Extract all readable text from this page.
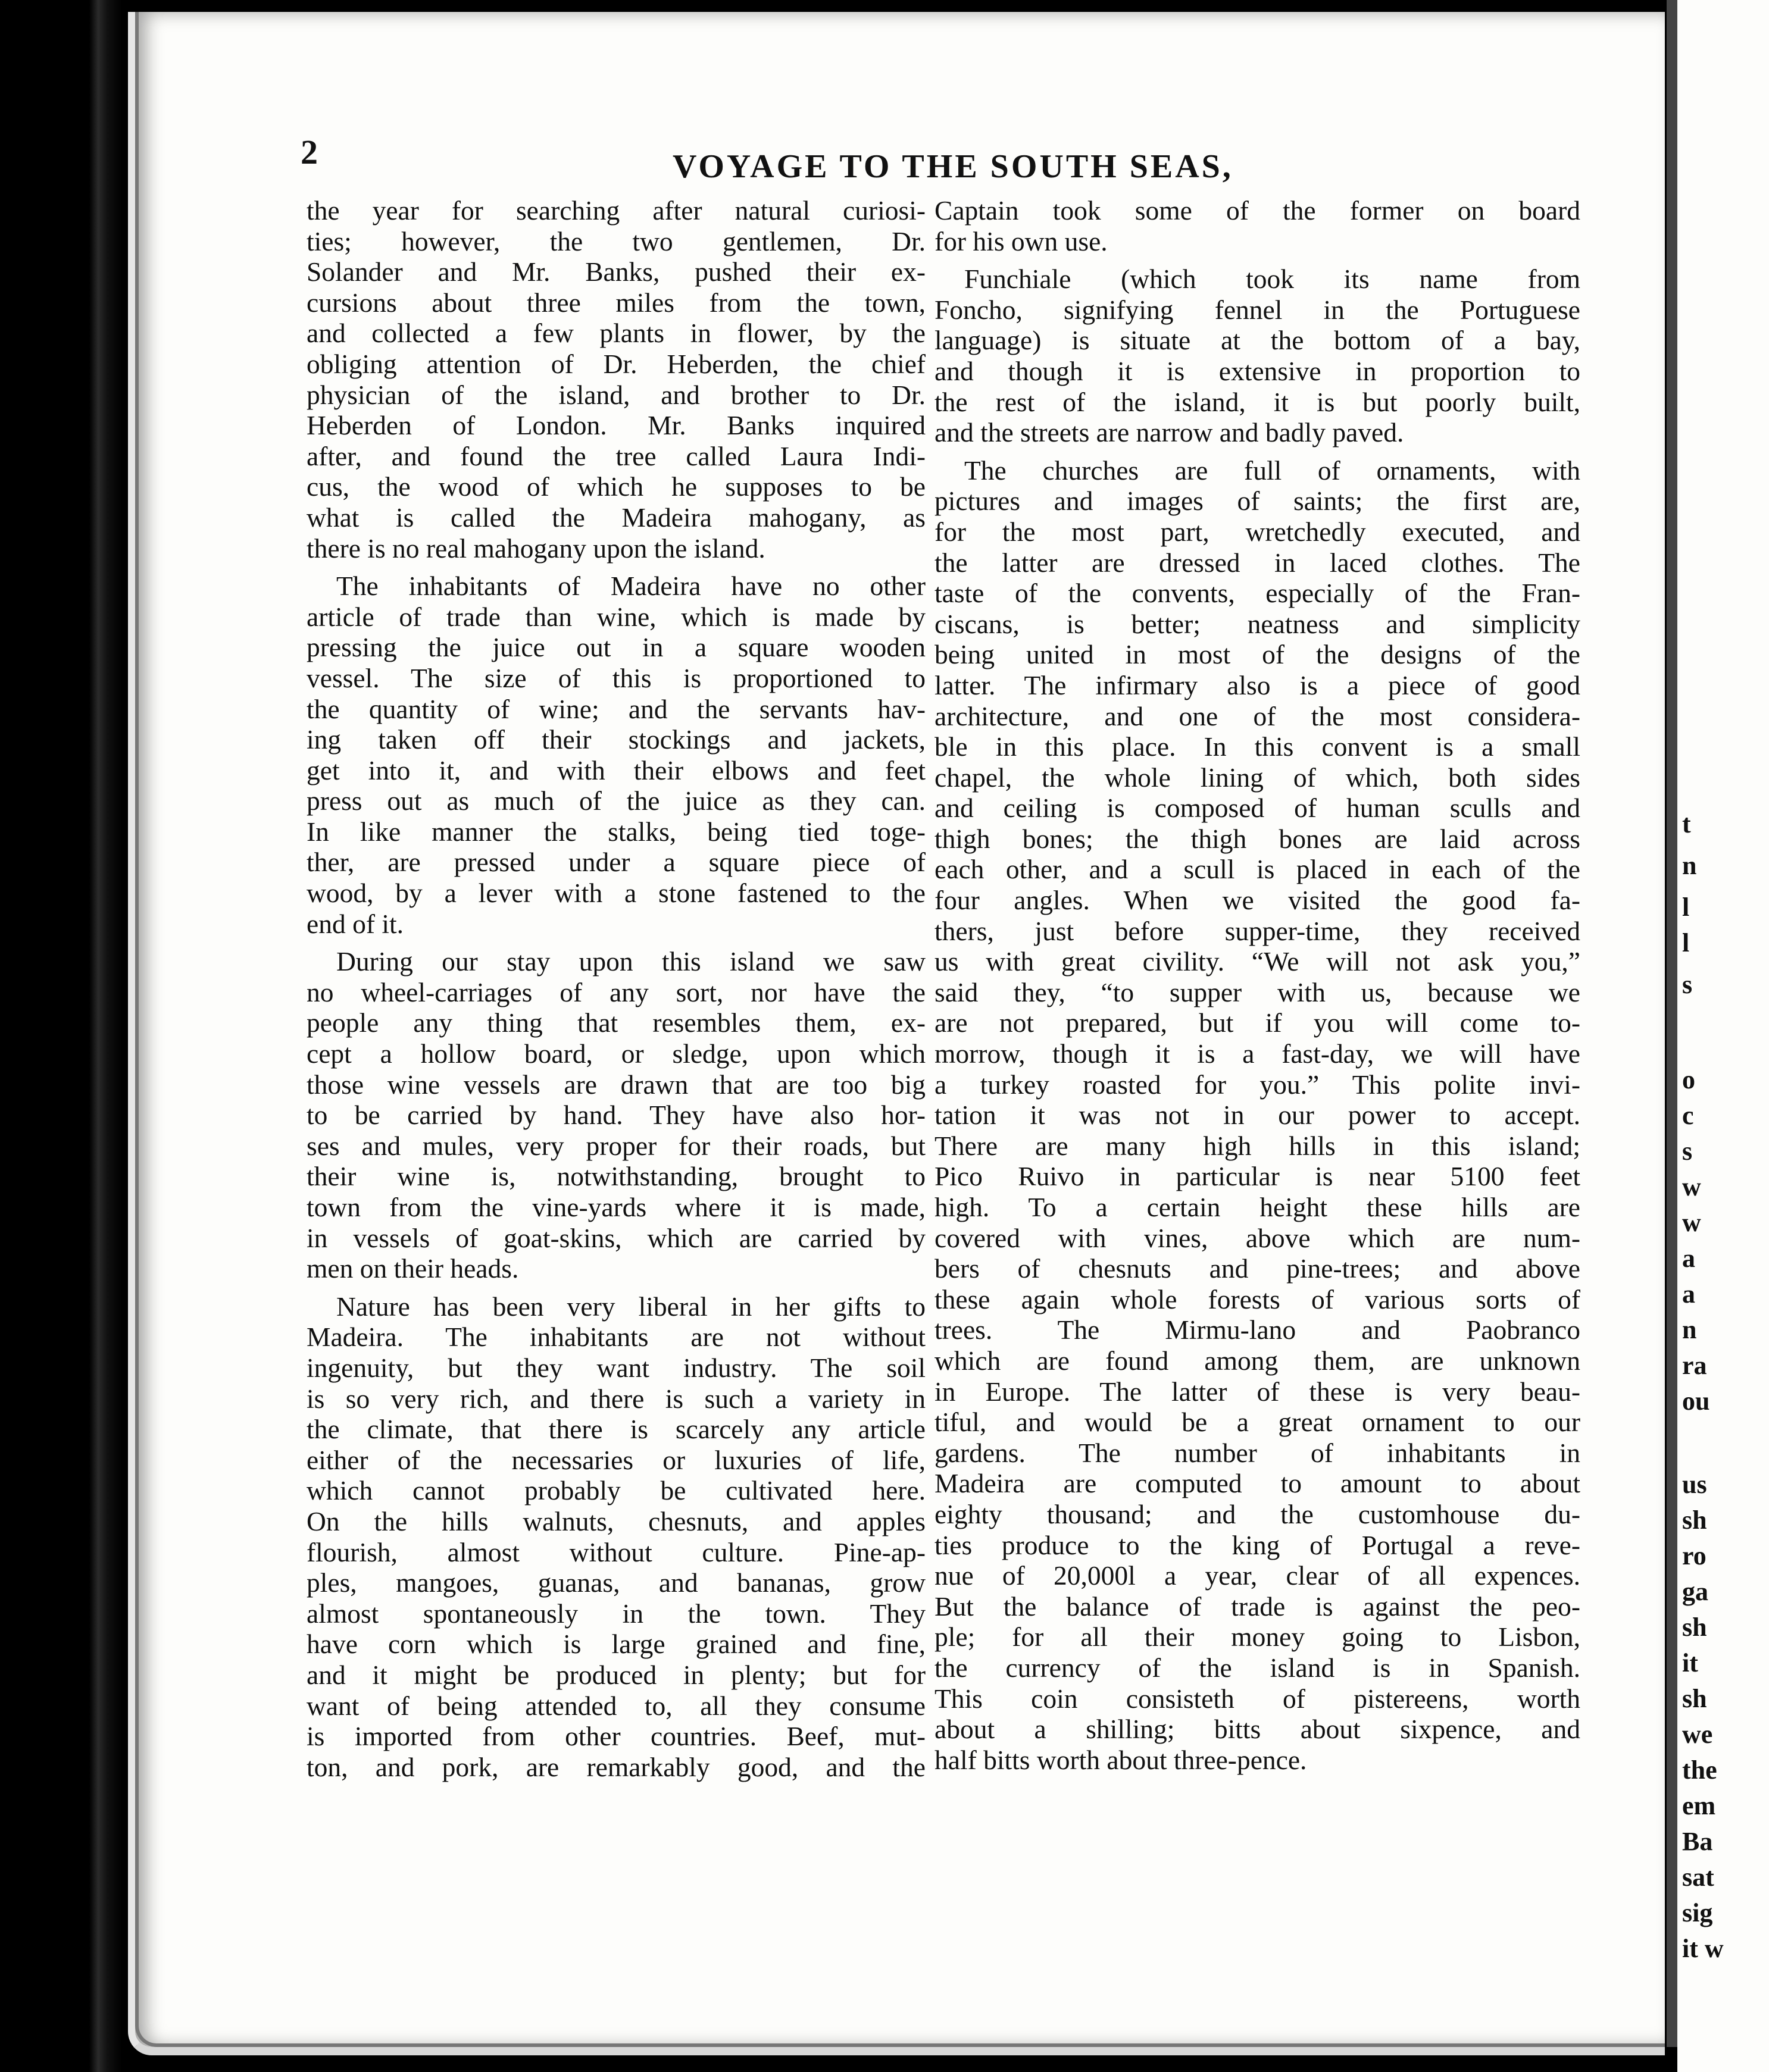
t
n
l
l
s
o
c
s
w
w
a
a
n
ra
ou
us
sh
ro
ga
sh
it
sh
we
the
em
Ba
sat
sig
it w
2	VOYAGE TO THE SOUTH SEAS,
the year for searching after natural curiosi-
ties; however, the two gentlemen, Dr.
Solander and Mr. Banks, pushed their ex-
cursions about three miles from the town,
and collected a few plants in flower, by the
obliging attention of Dr. Heberden, the chief
physician of the island, and brother to Dr.
Heberden of London. Mr. Banks inquired
after, and found the tree called Laura Indi-
cus, the wood of which he supposes to be
what is called the Madeira mahogany, as
there is no real mahogany upon the island.
The inhabitants of Madeira have no other
article of trade than wine, which is made by
pressing the juice out in a square wooden
vessel. The size of this is proportioned to
the quantity of wine; and the servants hav-
ing taken off their stockings and jackets,
get into it, and with their elbows and feet
press out as much of the juice as they can.
In like manner the stalks, being tied toge-
ther, are pressed under a square piece of
wood, by a lever with a stone fastened to the
end of it.
During our stay upon this island we saw
no wheel-carriages of any sort, nor have the
people any thing that resembles them, ex-
cept a hollow board, or sledge, upon which
those wine vessels are drawn that are too big
to be carried by hand. They have also hor-
ses and mules, very proper for their roads, but
their wine is, notwithstanding, brought to
town from the vine-yards where it is made,
in vessels of goat-skins, which are carried by
men on their heads.
Nature has been very liberal in her gifts to
Madeira. The inhabitants are not without
ingenuity, but they want industry. The soil
is so very rich, and there is such a variety in
the climate, that there is scarcely any article
either of the necessaries or luxuries of life,
which cannot probably be cultivated here.
On the hills walnuts, chesnuts, and apples
flourish, almost without culture. Pine-ap-
ples, mangoes, guanas, and bananas, grow
almost spontaneously in the town. They
have corn which is large grained and fine,
and it might be produced in plenty; but for
want of being attended to, all they consume
is imported from other countries. Beef, mut-
ton, and pork, are remarkably good, and the
Captain took some of the former on board
for his own use.
Funchiale (which took its name from
Foncho, signifying fennel in the Portuguese
language) is situate at the bottom of a bay,
and though it is extensive in proportion to
the rest of the island, it is but poorly built,
and the streets are narrow and badly paved.
The churches are full of ornaments, with
pictures and images of saints; the first are,
for the most part, wretchedly executed, and
the latter are dressed in laced clothes. The
taste of the convents, especially of the Fran-
ciscans, is better; neatness and simplicity
being united in most of the designs of the
latter. The infirmary also is a piece of good
architecture, and one of the most considera-
ble in this place. In this convent is a small
chapel, the whole lining of which, both sides
and ceiling is composed of human sculls and
thigh bones; the thigh bones are laid across
each other, and a scull is placed in each of the
four angles. When we visited the good fa-
thers, just before supper-time, they received
us with great civility. “We will not ask you,”
said they, “to supper with us, because we
are not prepared, but if you will come to-
morrow, though it is a fast-day, we will have
a turkey roasted for you.” This polite invi-
tation it was not in our power to accept.
There are many high hills in this island;
Pico Ruivo in particular is near 5100 feet
high. To a certain height these hills are
covered with vines, above which are num-
bers of chesnuts and pine-trees; and above
these again whole forests of various sorts of
trees. The Mirmu-lano and Paobranco
which are found among them, are unknown
in Europe. The latter of these is very beau-
tiful, and would be a great ornament to our
gardens. The number of inhabitants in
Madeira are computed to amount to about
eighty thousand; and the customhouse du-
ties produce to the king of Portugal a reve-
nue of 20,000l a year, clear of all expences.
But the balance of trade is against the peo-
ple; for all their money going to Lisbon,
the currency of the island is in Spanish.
This coin consisteth of pistereens, worth
about a shilling; bitts about sixpence, and
half bitts worth about three-pence.
